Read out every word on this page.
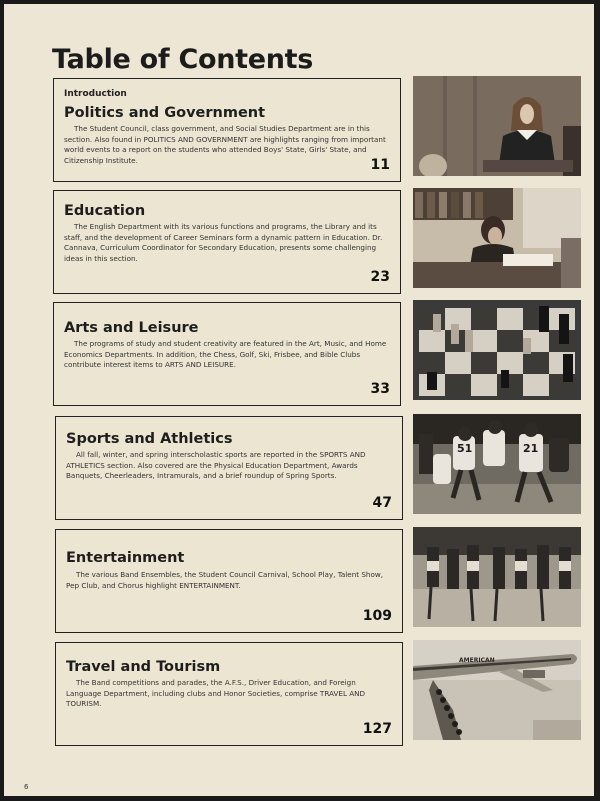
Table of Contents
Introduction
Politics and Government
The Student Council, class government, and Social Studies Department are in this section. Also found in POLITICS AND GOVERNMENT are highlights ranging from important world events to a report on the students who attended Boys' State, Girls' State, and Citizenship Institute.	11
Education
The English Department with its various functions and programs, the Library and its staff, and the development of Career Seminars form a dynamic pattern in Education. Dr. Cannava, Curriculum Coordinator for Secondary Education, presents some challenging ideas in this section.
23
Arts and Leisure
The programs of study and student creativity are featured in the Art, Music, and Home Economics Departments. In addition, the Chess, Golf, Ski, Frisbee, and Bible Clubs contribute interest items to ARTS AND LEISURE.
33
Sports and Athletics
All fall, winter, and spring interscholastic sports are reported in the SPORTS AND ATHLETICS section. Also covered are the Physical Education Department, Awards Banquets, Cheerleaders, Intramurals, and a brief roundup of Spring Sports.
47
51	21
Entertainment
The various Band Ensembles, the Student Council Carnival, School Play, Talent Show, Pep Club, and Chorus highlight ENTERTAINMENT.
109
Travel and Tourism
The Band competitions and parades, the A.F.S., Driver Education, and Foreign Language Department, including clubs and Honor Societies, comprise TRAVEL AND TOURISM.
127
AMERICAN
6
